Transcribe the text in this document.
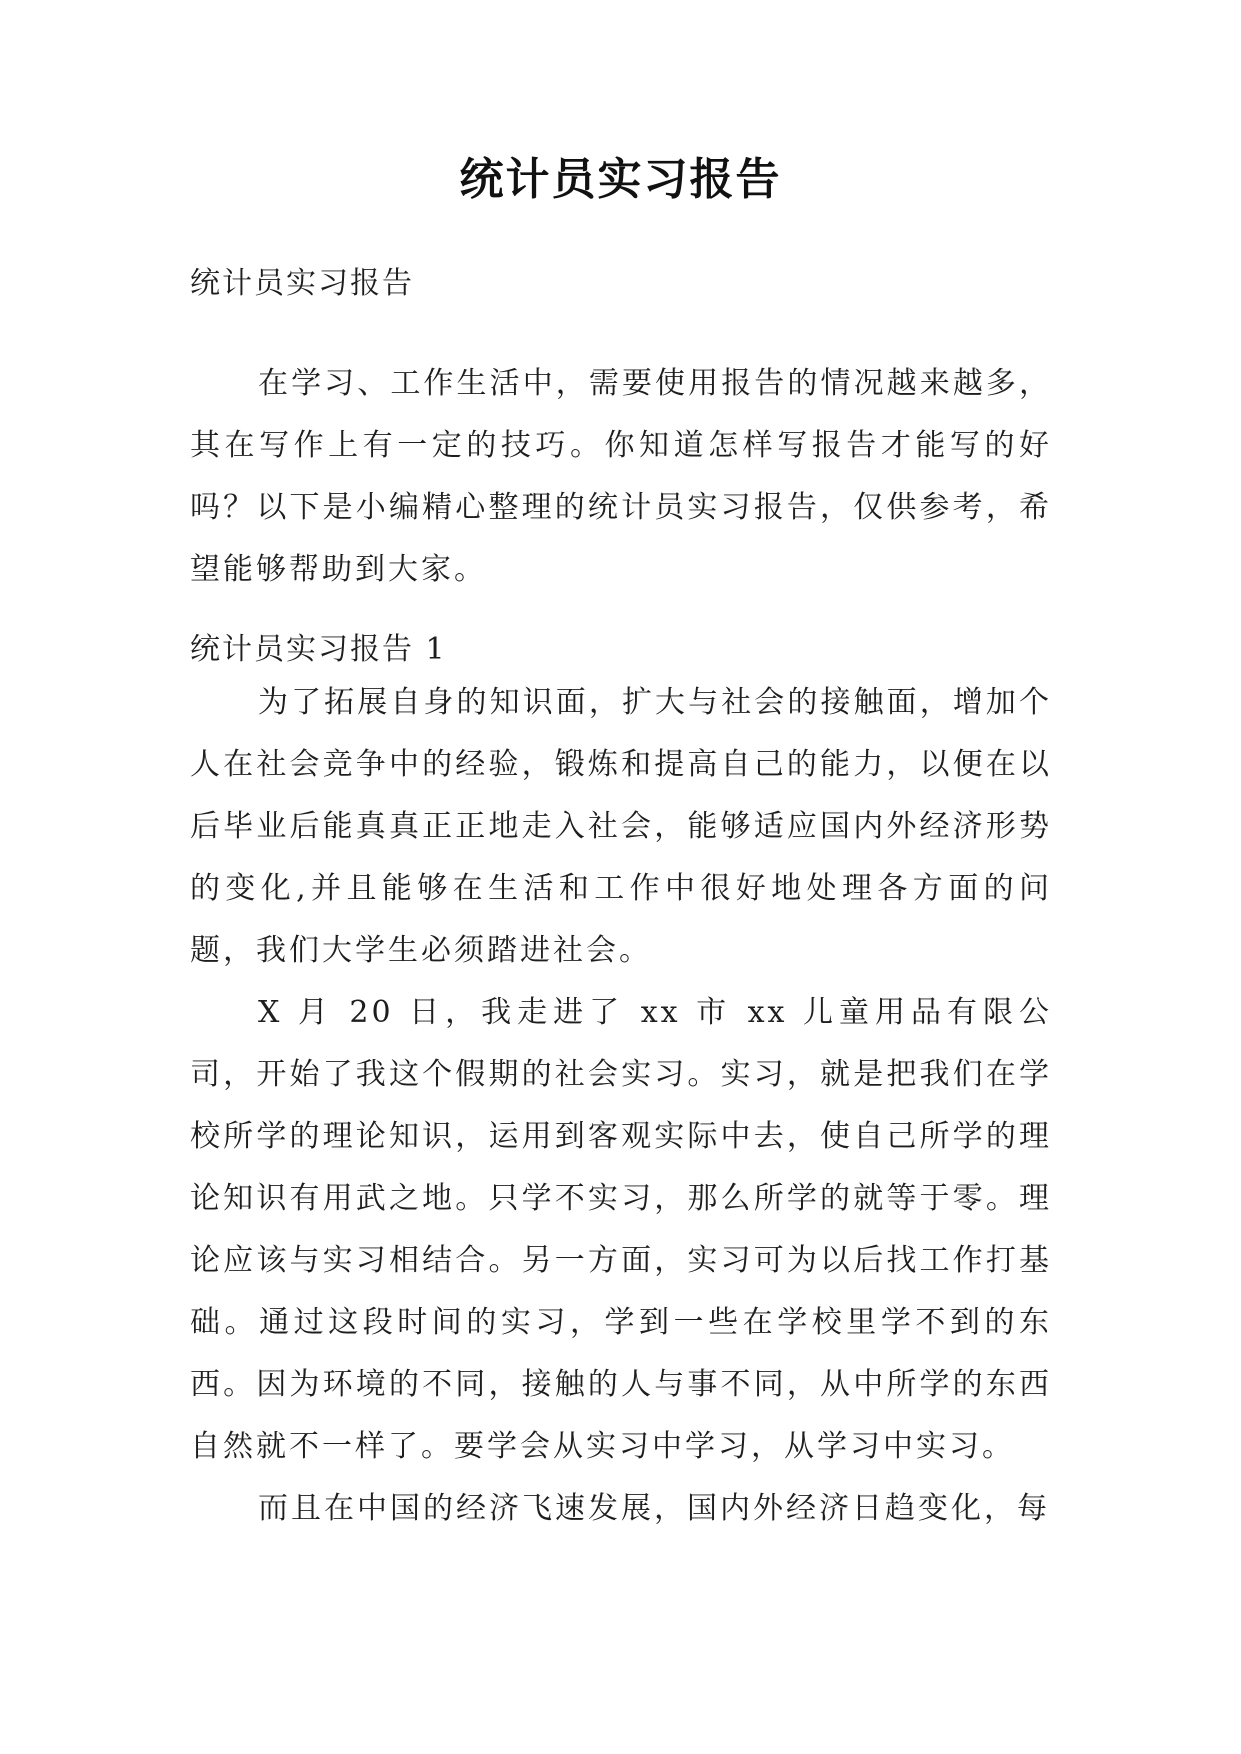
统计员实习报告
统计员实习报告

在学习、工作生活中，需要使用报告的情况越来越多，其在写作上有一定的技巧。你知道怎样写报告才能写的好吗？以下是小编精心整理的统计员实习报告，仅供参考，希望能够帮助到大家。

统计员实习报告 1

为了拓展自身的知识面，扩大与社会的接触面，增加个人在社会竞争中的经验，锻炼和提高自己的能力，以便在以后毕业后能真真正正地走入社会，能够适应国内外经济形势的变化,并且能够在生活和工作中很好地处理各方面的问题，我们大学生必须踏进社会。

X 月 20 日，我走进了 xx 市 xx 儿童用品有限公司，开始了我这个假期的社会实习。实习，就是把我们在学校所学的理论知识，运用到客观实际中去，使自己所学的理论知识有用武之地。只学不实习，那么所学的就等于零。理论应该与实习相结合。另一方面，实习可为以后找工作打基础。通过这段时间的实习，学到一些在学校里学不到的东西。因为环境的不同，接触的人与事不同，从中所学的东西自然就不一样了。要学会从实习中学习，从学习中实习。

而且在中国的经济飞速发展，国内外经济日趋变化，每
